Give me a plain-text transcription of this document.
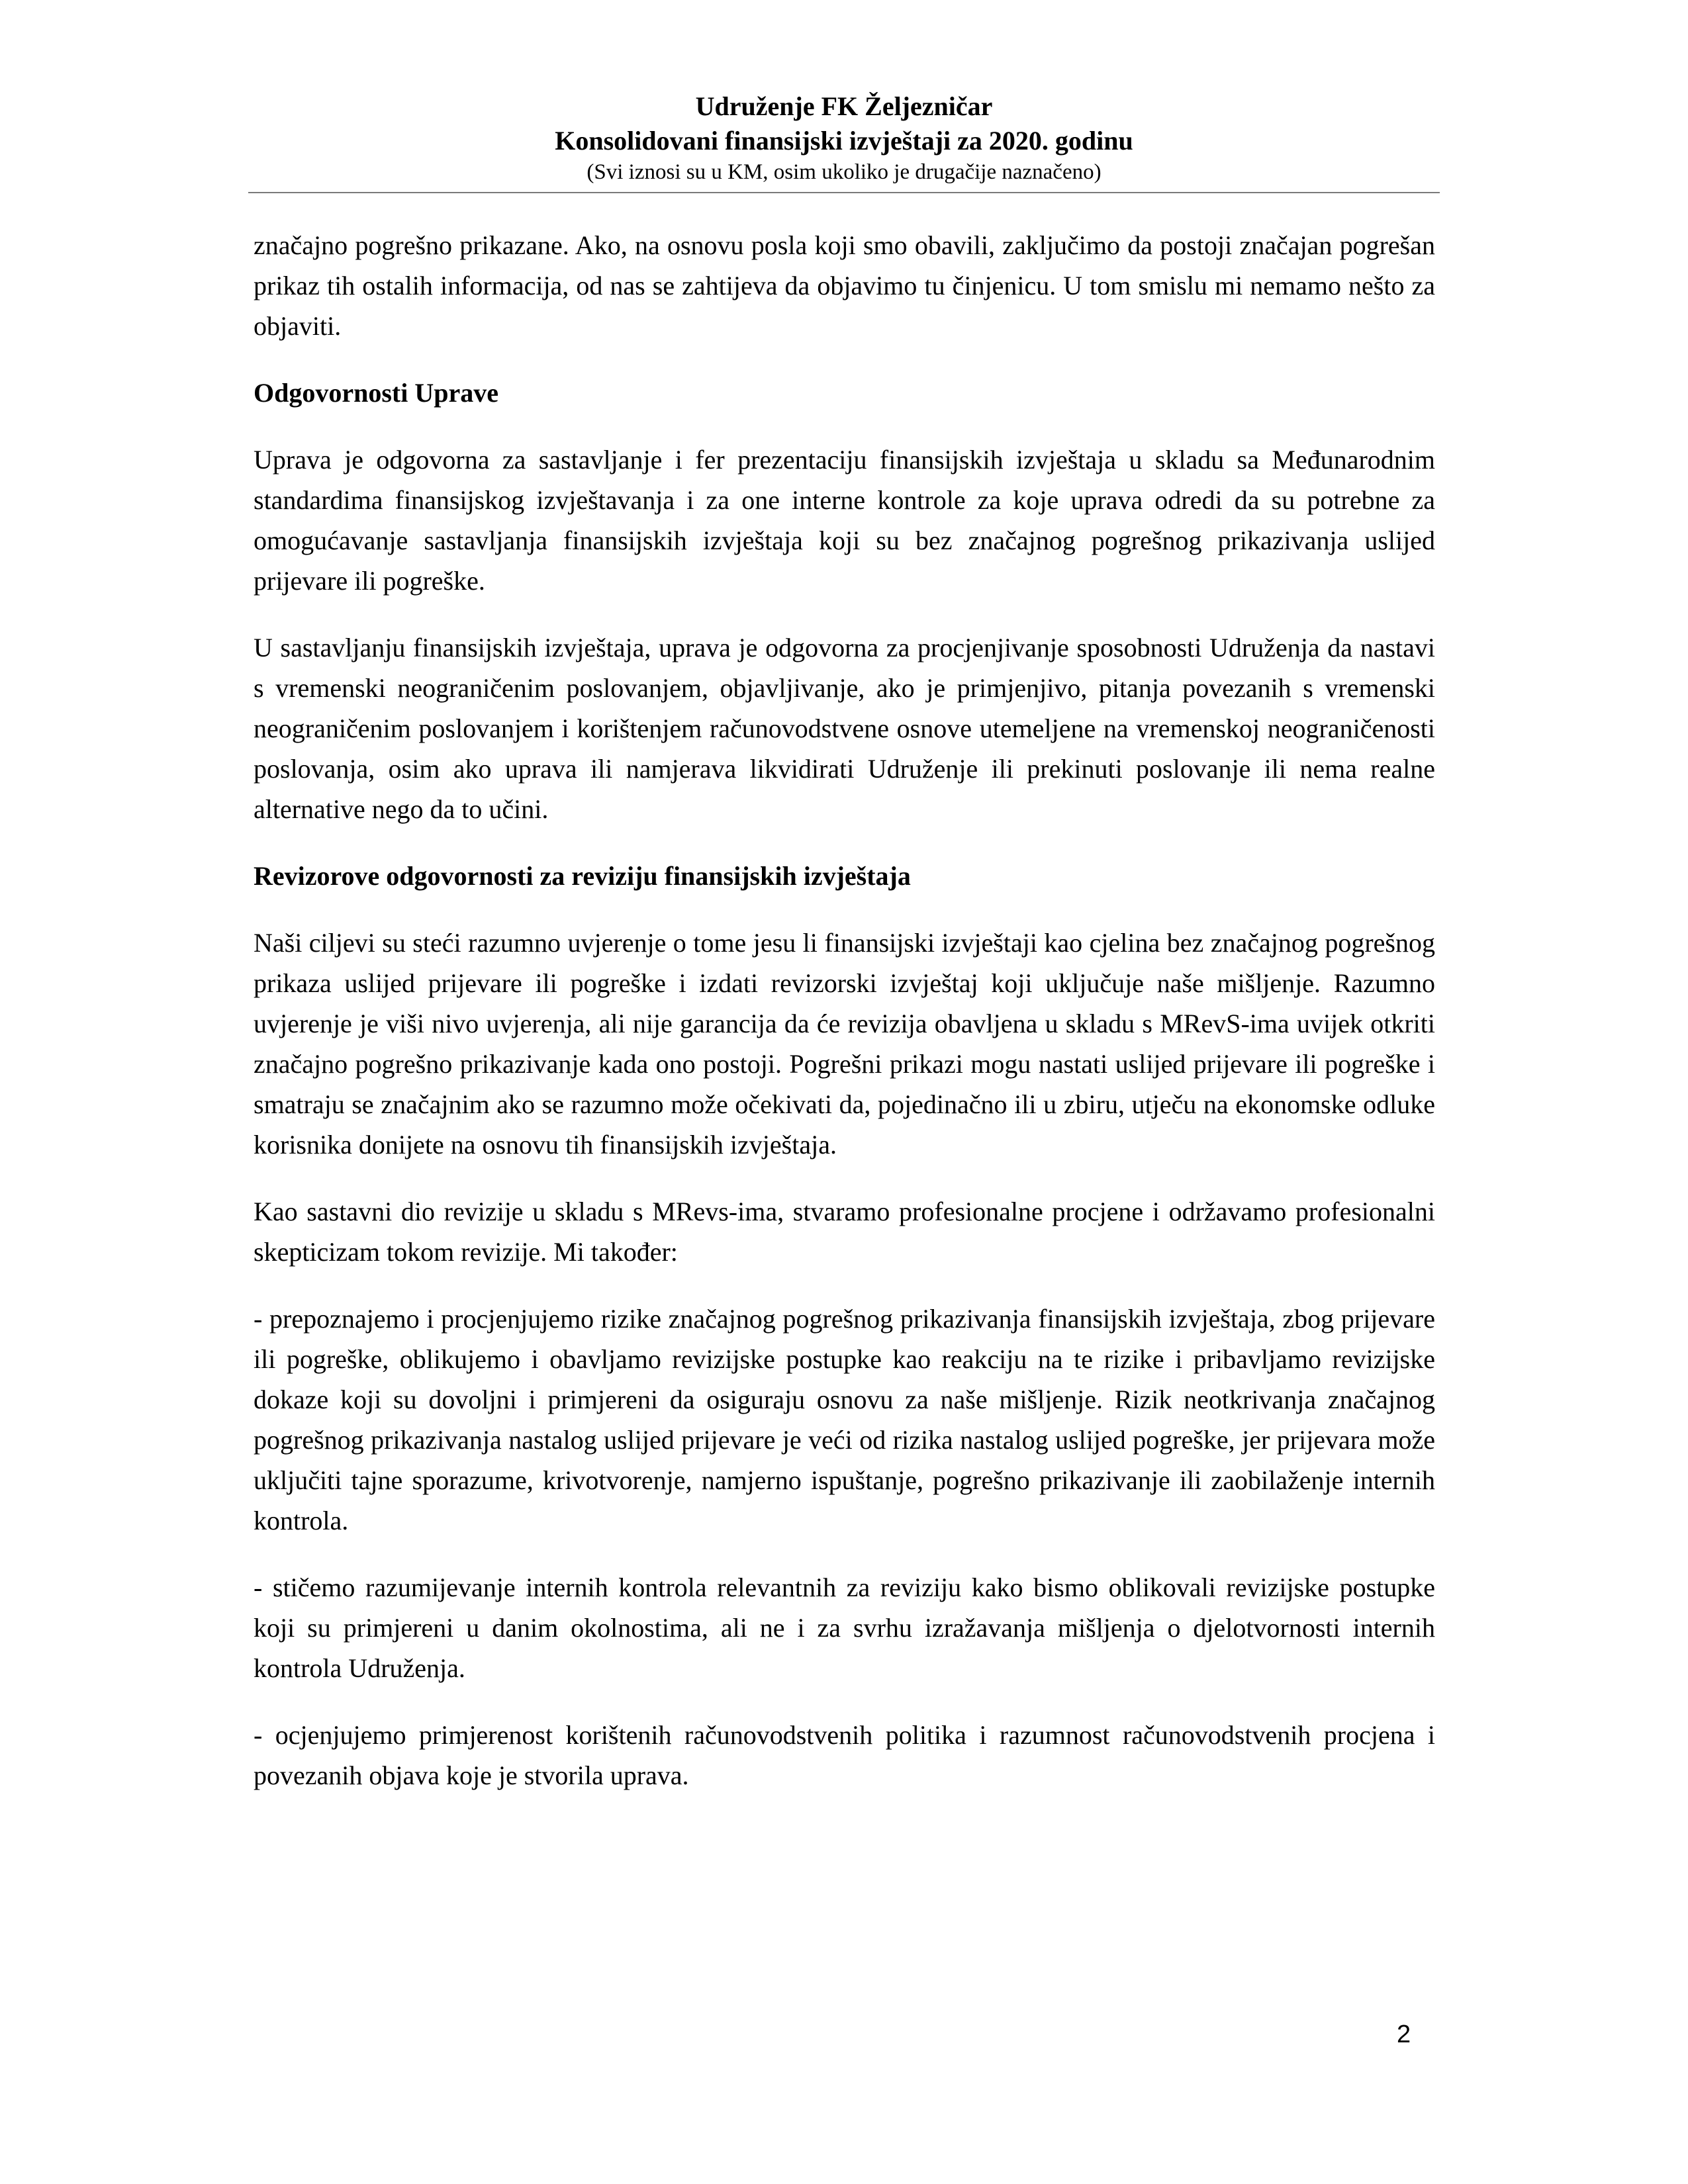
Udruženje FK Željezničar
Konsolidovani finansijski izvještaji za 2020. godinu
(Svi iznosi su u KM, osim ukoliko je drugačije naznačeno)

značajno pogrešno prikazane. Ako, na osnovu posla koji smo obavili, zaključimo da postoji značajan pogrešan prikaz tih ostalih informacija, od nas se zahtijeva da objavimo tu činjenicu. U tom smislu mi nemamo nešto za objaviti.

Odgovornosti Uprave

Uprava je odgovorna za sastavljanje i fer prezentaciju finansijskih izvještaja u skladu sa Međunarodnim standardima finansijskog izvještavanja i za one interne kontrole za koje uprava odredi da su potrebne za omogućavanje sastavljanja finansijskih izvještaja koji su bez značajnog pogrešnog prikazivanja uslijed prijevare ili pogreške.

U sastavljanju finansijskih izvještaja, uprava je odgovorna za procjenjivanje sposobnosti Udruženja da nastavi s vremenski neograničenim poslovanjem, objavljivanje, ako je primjenjivo, pitanja povezanih s vremenski neograničenim poslovanjem i korištenjem računovodstvene osnove utemeljene na vremenskoj neograničenosti poslovanja, osim ako uprava ili namjerava likvidirati Udruženje ili prekinuti poslovanje ili nema realne alternative nego da to učini.

Revizorove odgovornosti za reviziju finansijskih izvještaja

Naši ciljevi su steći razumno uvjerenje o tome jesu li finansijski izvještaji kao cjelina bez značajnog pogrešnog prikaza uslijed prijevare ili pogreške i izdati revizorski izvještaj koji uključuje naše mišljenje. Razumno uvjerenje je viši nivo uvjerenja, ali nije garancija da će revizija obavljena u skladu s MRevS-ima uvijek otkriti značajno pogrešno prikazivanje kada ono postoji. Pogrešni prikazi mogu nastati uslijed prijevare ili pogreške i smatraju se značajnim ako se razumno može očekivati da, pojedinačno ili u zbiru, utječu na ekonomske odluke korisnika donijete na osnovu tih finansijskih izvještaja.

Kao sastavni dio revizije u skladu s MRevs-ima, stvaramo profesionalne procjene i održavamo profesionalni skepticizam tokom revizije. Mi također:

- prepoznajemo i procjenjujemo rizike značajnog pogrešnog prikazivanja finansijskih izvještaja, zbog prijevare ili pogreške, oblikujemo i obavljamo revizijske postupke kao reakciju na te rizike i pribavljamo revizijske dokaze koji su dovoljni i primjereni da osiguraju osnovu za naše mišljenje. Rizik neotkrivanja značajnog pogrešnog prikazivanja nastalog uslijed prijevare je veći od rizika nastalog uslijed pogreške, jer prijevara može uključiti tajne sporazume, krivotvorenje, namjerno ispuštanje, pogrešno prikazivanje ili zaobilaženje internih kontrola.

- stičemo razumijevanje internih kontrola relevantnih za reviziju kako bismo oblikovali revizijske postupke koji su primjereni u danim okolnostima, ali ne i za svrhu izražavanja mišljenja o djelotvornosti internih kontrola Udruženja.

- ocjenjujemo primjerenost korištenih računovodstvenih politika i razumnost računovodstvenih procjena i povezanih objava koje je stvorila uprava.

2
